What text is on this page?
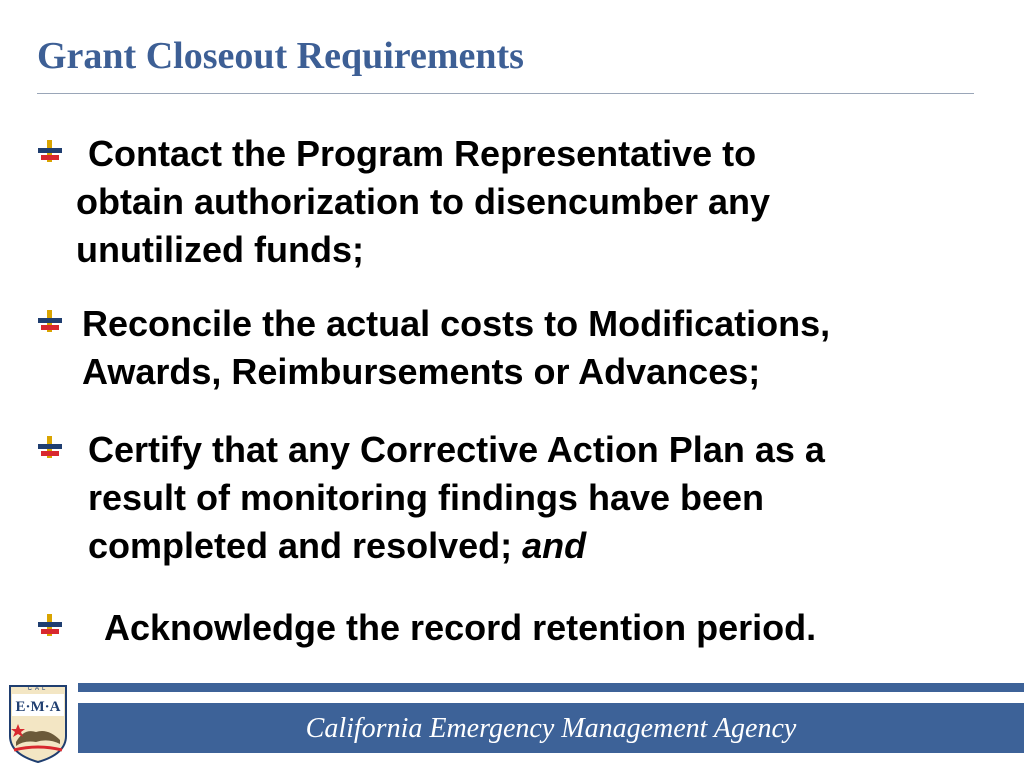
Grant Closeout Requirements
Contact the Program Representative to
obtain authorization to disencumber any
unutilized funds;
Reconcile the actual costs to Modifications,
Awards, Reimbursements or Advances;
Certify that any Corrective Action Plan as a
result of monitoring findings have been
completed and resolved; and
Acknowledge the record retention period.
California Emergency Management Agency
CAL
E·M·A
